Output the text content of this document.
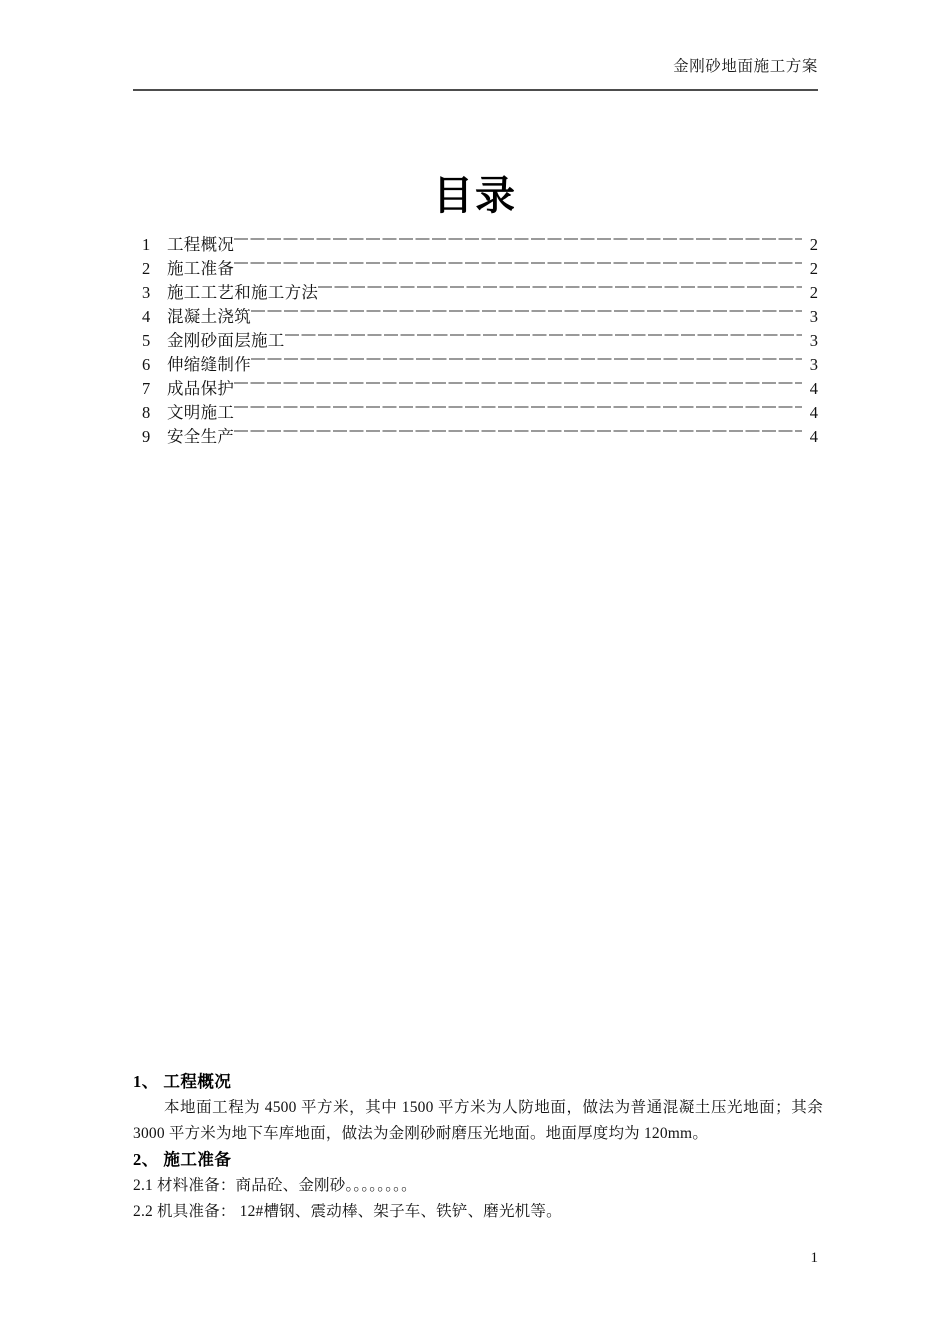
金刚砂地面施工方案
目录
1	工程概况	2
2	施工准备	2
3	施工工艺和施工方法	2
4	混凝土浇筑	3
5	金刚砂面层施工	3
6	伸缩缝制作	3
7	成品保护	4
8	文明施工	4
9	安全生产	4
1、 工程概况
本地面工程为 4500 平方米，其中 1500 平方米为人防地面，做法为普通混凝土压光地面；其余 3000 平方米为地下车库地面，做法为金刚砂耐磨压光地面。地面厚度均为 120mm。
2、 施工准备
2.1 材料准备：商品砼、金刚砂。。。。。。。。
2.2 机具准备： 12#槽钢、震动棒、架子车、铁铲、磨光机等。
1
